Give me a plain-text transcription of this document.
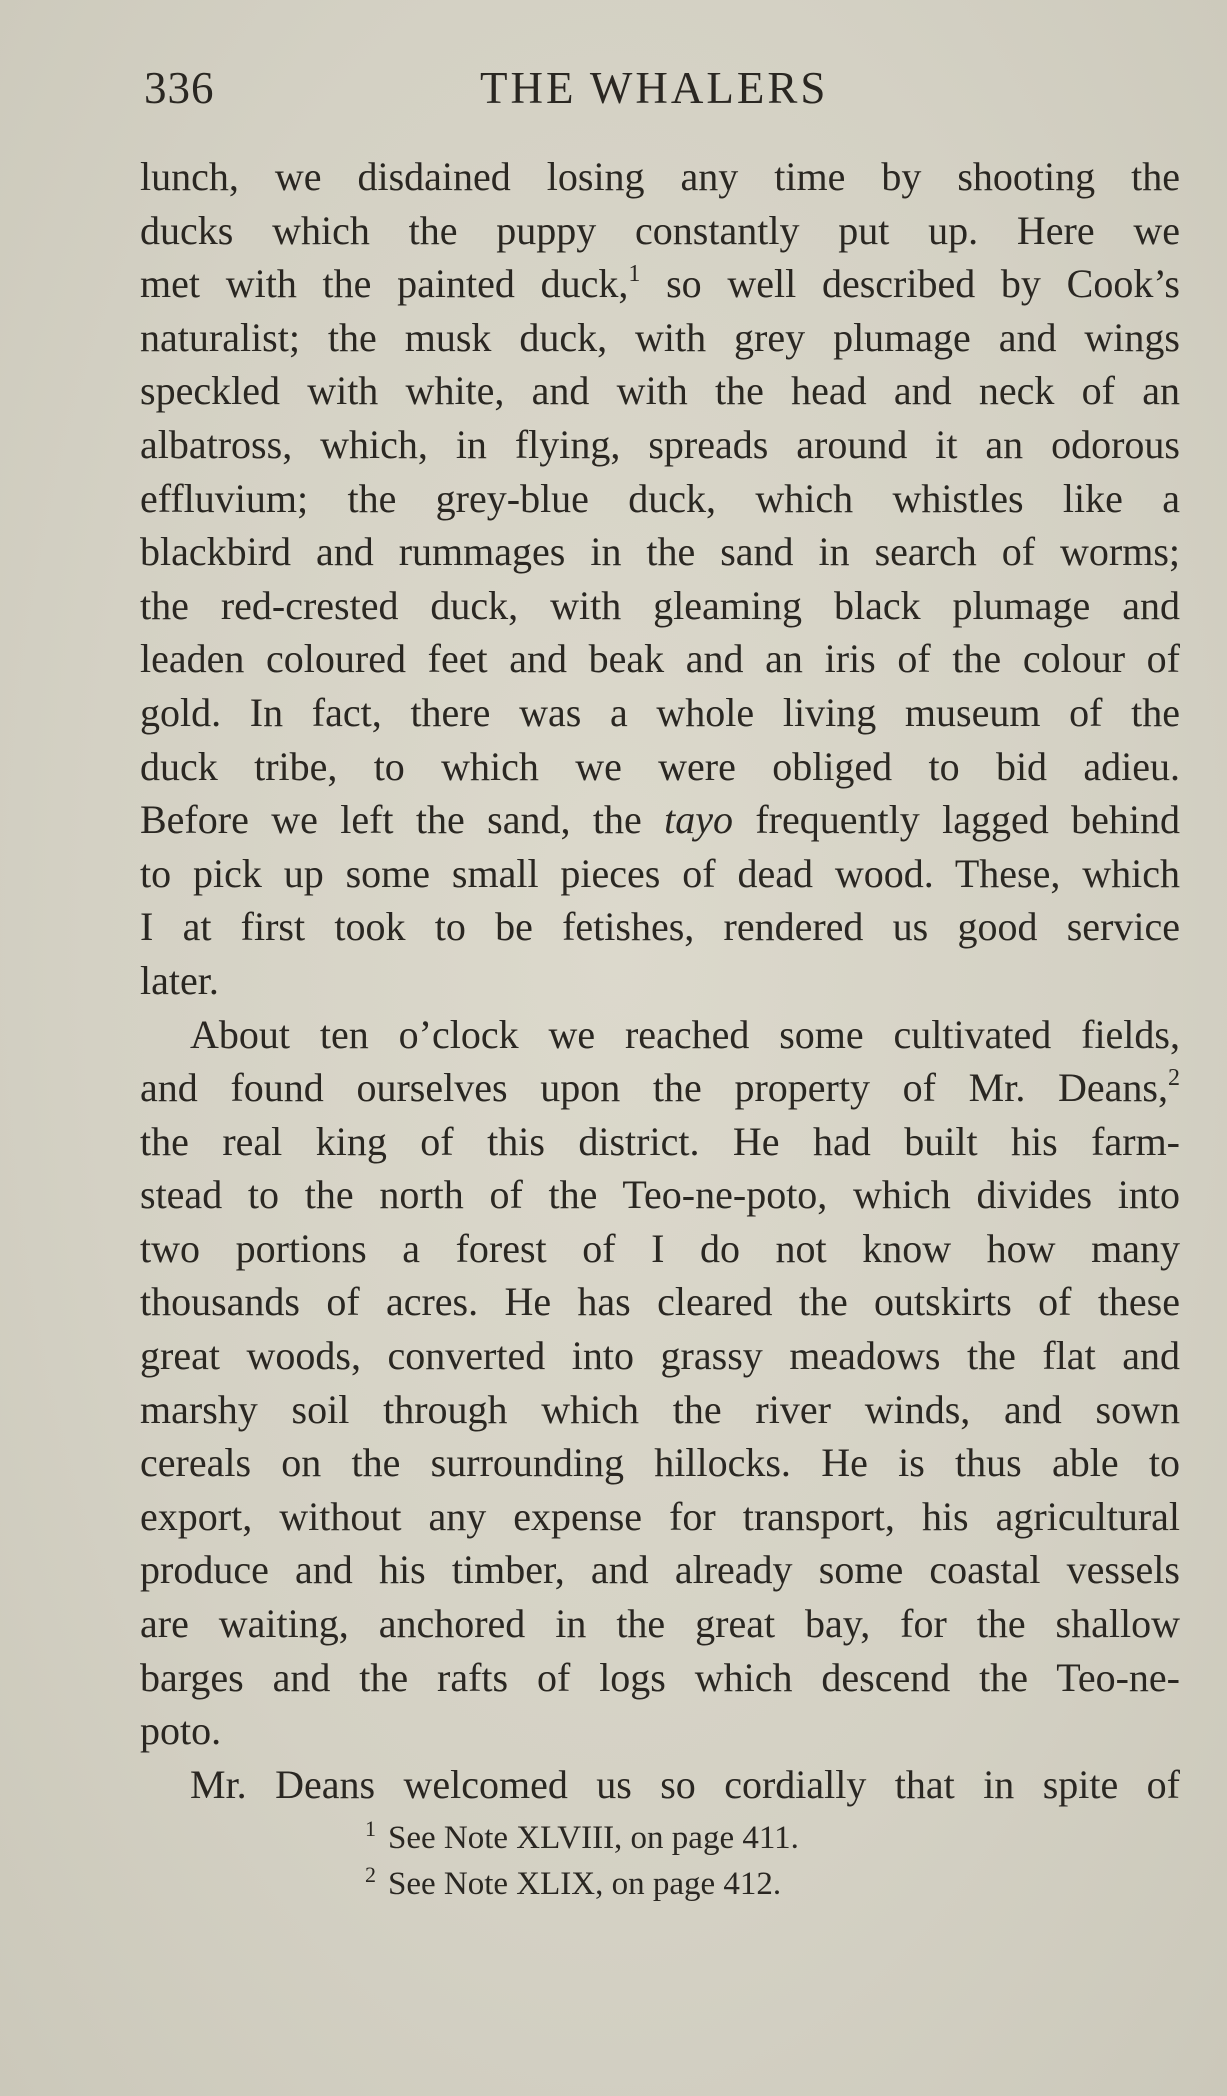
336	THE WHALERS
lunch, we disdained losing any time by shooting the
ducks which the puppy constantly put up. Here we
met with the painted duck,$^1$ so well described by Cook’s
naturalist; the musk duck, with grey plumage and wings
speckled with white, and with the head and neck of an
albatross, which, in flying, spreads around it an odorous
effluvium; the grey-blue duck, which whistles like a
blackbird and rummages in the sand in search of worms;
the red-crested duck, with gleaming black plumage and
leaden coloured feet and beak and an iris of the colour of
gold. In fact, there was a whole living museum of the
duck tribe, to which we were obliged to bid adieu.
Before we left the sand, the tayo frequently lagged behind
to pick up some small pieces of dead wood. These, which
I at first took to be fetishes, rendered us good service
later.
About ten o’clock we reached some cultivated fields,
and found ourselves upon the property of Mr. Deans,$^2$
the real king of this district. He had built his farm-
stead to the north of the Teo-ne-poto, which divides into
two portions a forest of I do not know how many
thousands of acres. He has cleared the outskirts of these
great woods, converted into grassy meadows the flat and
marshy soil through which the river winds, and sown
cereals on the surrounding hillocks. He is thus able to
export, without any expense for transport, his agricultural
produce and his timber, and already some coastal vessels
are waiting, anchored in the great bay, for the shallow
barges and the rafts of logs which descend the Teo-ne-
poto.
Mr. Deans welcomed us so cordially that in spite of
$^1$ See Note XLVIII, on page 411.
$^2$ See Note XLIX, on page 412.
